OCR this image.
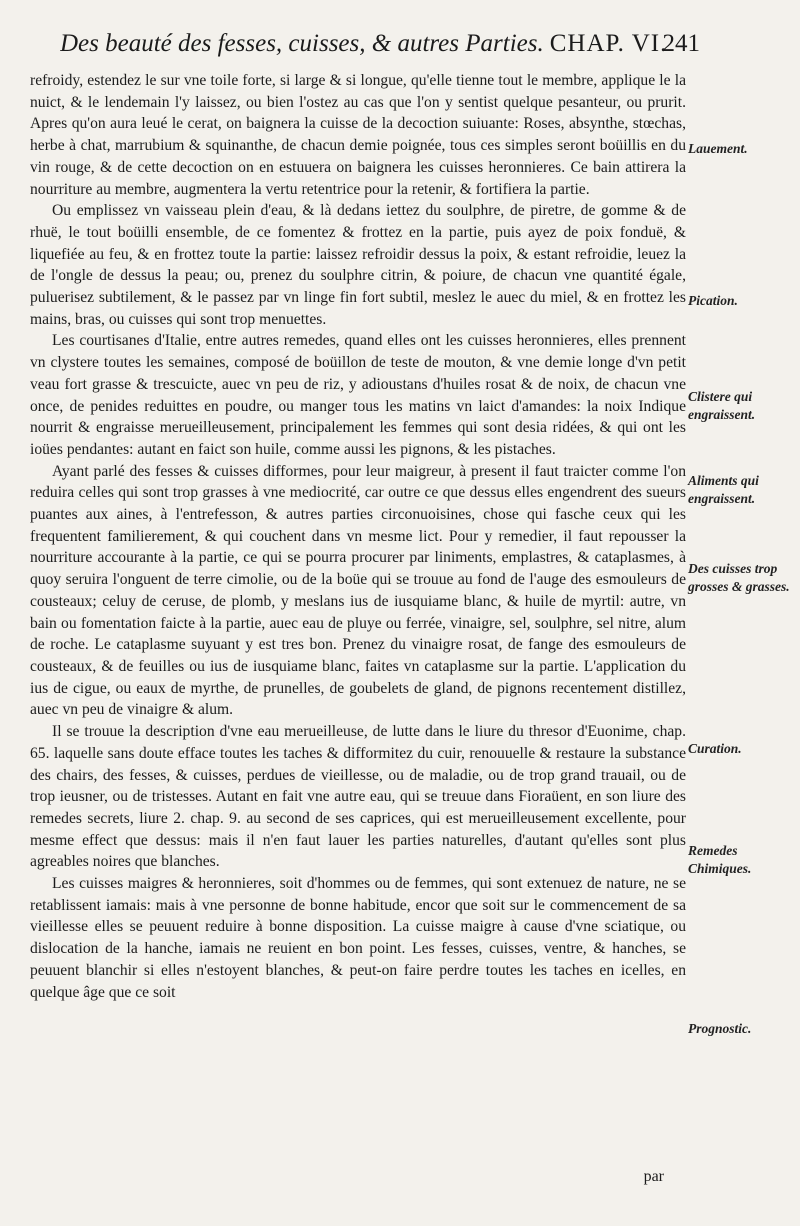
Des beauté des fesses, cuisses, & autres Parties. CHAP. VI.
241

refroidy, estendez le sur vne toile forte, si large & si longue, qu'elle tienne tout le membre, applique le la nuict, & le lendemain l'y laissez, ou bien l'ostez au cas que l'on y sentist quelque pesanteur, ou prurit. Apres qu'on aura leué le cerat, on baignera la cuisse de la decoction suiuante: Roses, absynthe, stœchas, herbe à chat, marrubium & squinanthe, de chacun demie poignée, tous ces simples seront boüillis en du vin rouge, & de cette decoction on en estuuera on baignera les cuisses heronnieres. Ce bain attirera la nourriture au membre, augmentera la vertu retentrice pour la retenir, & fortifiera la partie.

Ou emplissez vn vaisseau plein d'eau, & là dedans iettez du soulphre, de piretre, de gomme & de rhuë, le tout boüilli ensemble, de ce fomentez & frottez en la partie, puis ayez de poix fonduë, & liquefiée au feu, & en frottez toute la partie: laissez refroidir dessus la poix, & estant refroidie, leuez la de l'ongle de dessus la peau; ou, prenez du soulphre citrin, & poiure, de chacun vne quantité égale, puluerisez subtilement, & le passez par vn linge fin fort subtil, meslez le auec du miel, & en frottez les mains, bras, ou cuisses qui sont trop menuettes.

Les courtisanes d'Italie, entre autres remedes, quand elles ont les cuisses heronnieres, elles prennent vn clystere toutes les semaines, composé de boüillon de teste de mouton, & vne demie longe d'vn petit veau fort grasse & trescuicte, auec vn peu de riz, y adioustans d'huiles rosat & de noix, de chacun vne once, de penides reduittes en poudre, ou manger tous les matins vn laict d'amandes: la noix Indique nourrit & engraisse merueilleusement, principalement les femmes qui sont desia ridées, & qui ont les ioües pendantes: autant en faict son huile, comme aussi les pignons, & les pistaches.

Ayant parlé des fesses & cuisses difformes, pour leur maigreur, à present il faut traicter comme l'on reduira celles qui sont trop grasses à vne mediocrité, car outre ce que dessus elles engendrent des sueurs puantes aux aines, à l'entrefesson, & autres parties circonuoisines, chose qui fasche ceux qui les frequentent familierement, & qui couchent dans vn mesme lict. Pour y remedier, il faut repousser la nourriture accourante à la partie, ce qui se pourra procurer par liniments, emplastres, & cataplasmes, à quoy seruira l'onguent de terre cimolie, ou de la boüe qui se trouue au fond de l'auge des esmouleurs de cousteaux; celuy de ceruse, de plomb, y meslans ius de iusquiame blanc, & huile de myrtil: autre, vn bain ou fomentation faicte à la partie, auec eau de pluye ou ferrée, vinaigre, sel, soulphre, sel nitre, alum de roche. Le cataplasme suyuant y est tres bon. Prenez du vinaigre rosat, de fange des esmouleurs de cousteaux, & de feuilles ou ius de iusquiame blanc, faites vn cataplasme sur la partie. L'application du ius de cigue, ou eaux de myrthe, de prunelles, de goubelets de gland, de pignons recentement distillez, auec vn peu de vinaigre & alum.

Il se trouue la description d'vne eau merueilleuse, de lutte dans le liure du thresor d'Euonime, chap. 65. laquelle sans doute efface toutes les taches & difformitez du cuir, renouuelle & restaure la substance des chairs, des fesses, & cuisses, perdues de vieillesse, ou de maladie, ou de trop grand trauail, ou de trop ieusner, ou de tristesses. Autant en fait vne autre eau, qui se treuue dans Fioraüent, en son liure des remedes secrets, liure 2. chap. 9. au second de ses caprices, qui est merueilleusement excellente, pour mesme effect que dessus: mais il n'en faut lauer les parties naturelles, d'autant qu'elles sont plus agreables noires que blanches.

Les cuisses maigres & heronnieres, soit d'hommes ou de femmes, qui sont extenuez de nature, ne se retablissent iamais: mais à vne personne de bonne habitude, encor que soit sur le commencement de sa vieillesse elles se peuuent reduire à bonne disposition. La cuisse maigre à cause d'vne sciatique, ou dislocation de la hanche, iamais ne reuient en bon point. Les fesses, cuisses, ventre, & hanches, se peuuent blanchir si elles n'estoyent blanches, & peut-on faire perdre toutes les taches en icelles, en quelque âge que ce soit

Lauement.
Pication.
Clistere qui engraissent.
Aliments qui engraissent.
Des cuisses trop grosses & grasses.
Curation.
Remedes Chimiques.
Prognostic.
par
